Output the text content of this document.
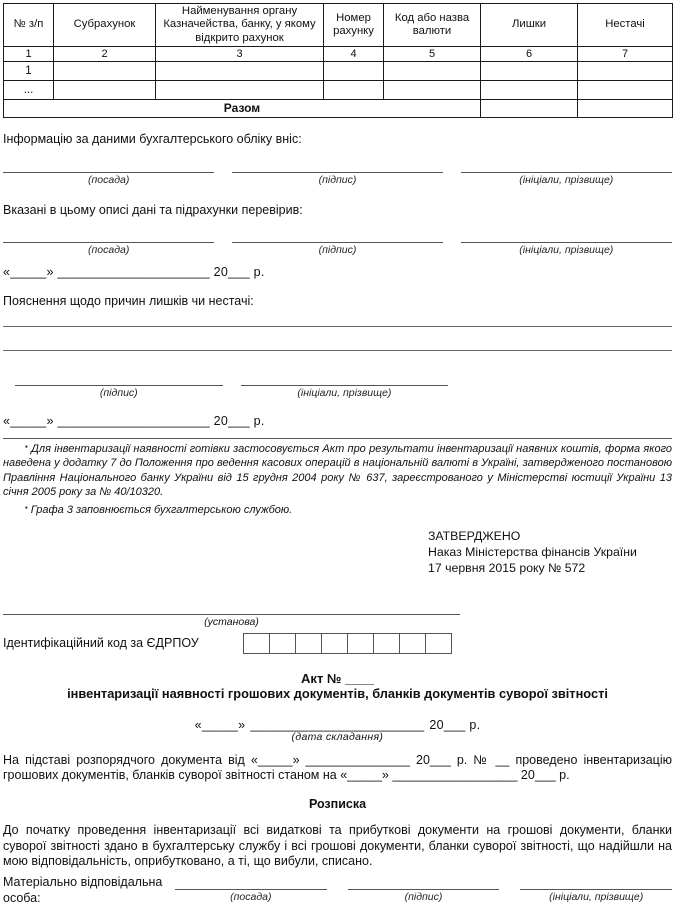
№ з/п	Субрахунок	Найменування органу Казначейства, банку, у якому відкрито рахунок	Номер рахунку	Код або назва валюти	Лишки	Нестачі
1	2	3	4	5	6	7
1						
...						
Разом						

Інформацію за даними бухгалтерського обліку вніс:

(посада)	(підпис)	(ініціали, прізвище)

Вказані в цьому описі дані та підрахунки перевірив:

(посада)	(підпис)	(ініціали, прізвище)
«_____» _____________________ 20___ р.

Пояснення щодо причин лишків чи нестачі:

(підпис)	(ініціали, прізвище)
«_____» _____________________ 20___ р.

▪ Для інвентаризації наявності готівки застосовується Акт про результати інвентаризації наявних коштів, форма якого наведена у додатку 7 до Положення про ведення касових операцій в національній валюті в Україні, затвердженого постановою Правління Національного банку України від 15 грудня 2004 року № 637, зареєстрованого у Міністерстві юстиції України 13 січня 2005 року за № 40/10320.

▪ Графа 3 заповнюється бухгалтерською службою.

ЗАТВЕРДЖЕНО
Наказ Міністерства фінансів України
17 червня 2015 року № 572
(установа)
Ідентифікаційний код за ЄДРПОУ
Акт № ____
інвентаризації наявності грошових документів, бланків документів суворої звітності
«_____» ________________________
(дата складання)
20___ р.

На підставі розпорядчого документа від «_____» _______________ 20___ р. № __ проведено інвентаризацію грошових документів, бланків суворої звітності станом на «_____» __________________ 20___ р.

Розписка

До початку проведення інвентаризації всі видаткові та прибуткові документи на грошові документи, бланки суворої звітності здано в бухгалтерську службу і всі грошові документи, бланки суворої звітності, що надійшли на мою відповідальність, оприбутковано, а ті, що вибули, списано.

Матеріально відповідальна особа:	(посада)	(підпис)	(ініціали, прізвище)
